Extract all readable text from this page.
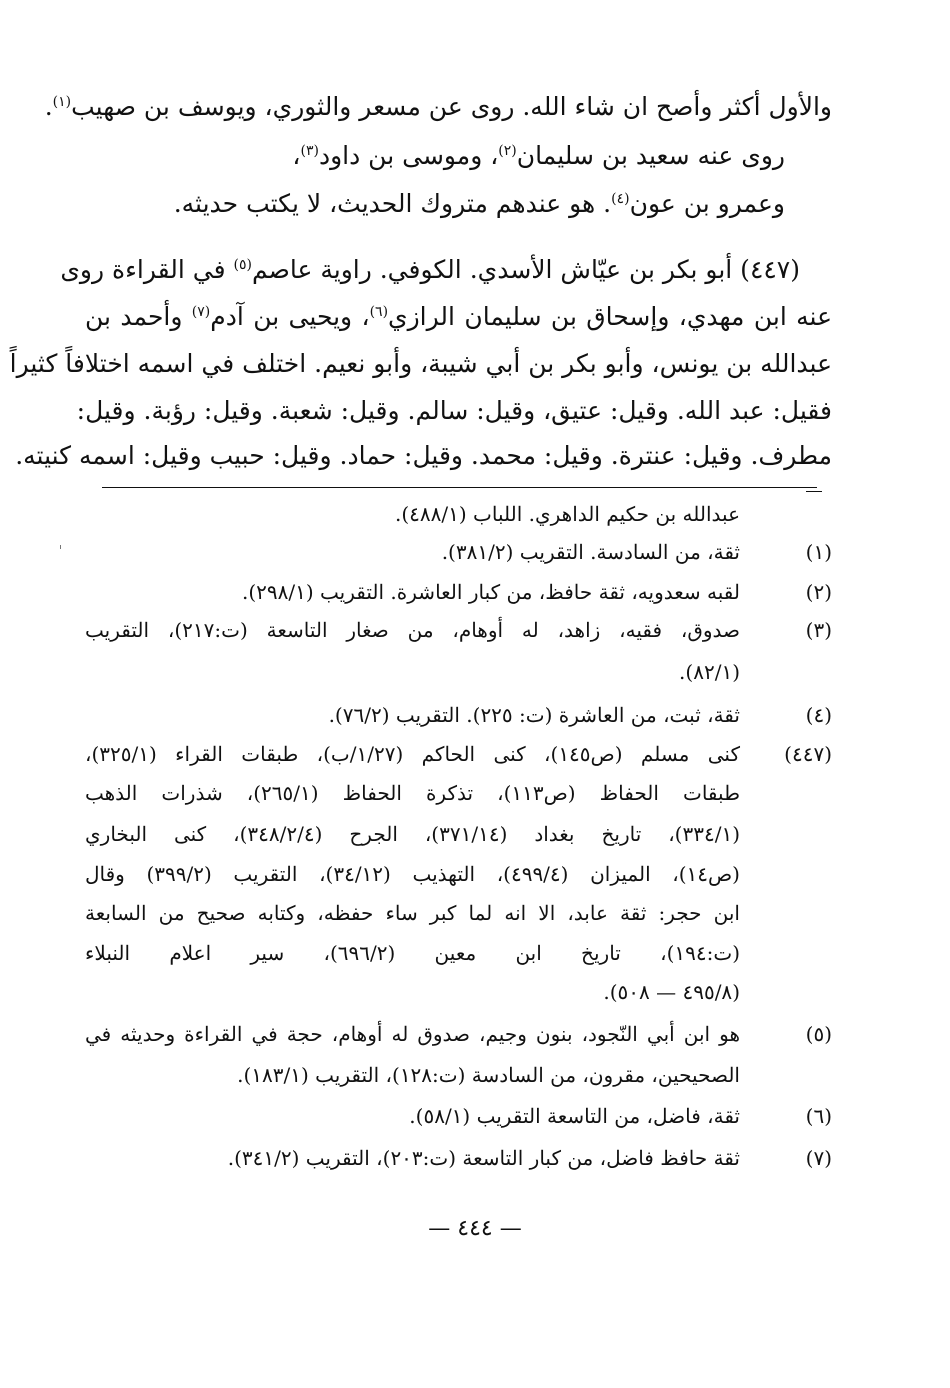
والأول أكثر وأصح ان شاء الله. روى عن مسعر والثوري، ويوسف بن صهيب$^{(١)}$.
روى عنه سعيد بن سليمان$^{(٢)}$، وموسى بن داود$^{(٣)}$،
وعمرو بن عون$^{(٤)}$. هو عندهم متروك الحديث، لا يكتب حديثه.
(٤٤٧) أبو بكر بن عيّاش الأسدي. الكوفي. راوية عاصم$^{(٥)}$ في القراءة روى
عنه ابن مهدي، وإسحاق بن سليمان الرازي$^{(٦)}$، ويحيى بن آدم$^{(٧)}$ وأحمد بن
عبدالله بن يونس، وأبو بكر بن أبي شيبة، وأبو نعيم. اختلف في اسمه اختلافاً كثيراً
فقيل: عبد الله. وقيل: عتيق، وقيل: سالم. وقيل: شعبة. وقيل: رؤبة. وقيل:
مطرف. وقيل: عنترة. وقيل: محمد. وقيل: حماد. وقيل: حبيب وقيل: اسمه كنيته.
عبدالله بن حكيم الداهري. اللباب (٤٨٨/١).
(١)
ثقة، من السادسة. التقريب (٣٨١/٢).
(٢)
لقبه سعدويه، ثقة حافظ، من كبار العاشرة. التقريب (٢٩٨/١).
(٣)
صدوق، فقيه، زاهد، له أوهام، من صغار التاسعة (ت:٢١٧)، التقريب
(٨٢/١).
(٤)
ثقة، ثبت، من العاشرة (ت: ٢٢٥). التقريب (٧٦/٢).
(٤٤٧)
كنى مسلم (ص١٤٥)، كنى الحاكم (١/٢٧/ب)، طبقات القراء (٣٢٥/١)،
طبقات الحفاظ (ص١١٣)، تذكرة الحفاظ (٢٦٥/١)، شذرات الذهب
(٣٣٤/١)، تاريخ بغداد (٣٧١/١٤)، الجرح (٣٤٨/٢/٤)، كنى البخاري
(ص١٤)، الميزان (٤٩٩/٤)، التهذيب (٣٤/١٢)، التقريب (٣٩٩/٢) وقال
ابن حجر: ثقة عابد، الا انه لما كبر ساء حفظه، وكتابه صحيح من السابعة
(ت:١٩٤)، تاريخ ابن معين (٦٩٦/٢)، سير اعلام النبلاء
(٤٩٥/٨ — ٥٠٨).
(٥)
هو ابن أبي النّجود، بنون وجيم، صدوق له أوهام، حجة في القراءة وحديثه في
الصحيحين، مقرون، من السادسة (ت:١٢٨)، التقريب (١٨٣/١).
(٦)
ثقة، فاضل، من التاسعة التقريب (٥٨/١).
(٧)
ثقة حافظ فاضل، من كبار التاسعة (ت:٢٠٣)، التقريب (٣٤١/٢).
— ٤٤٤ —
